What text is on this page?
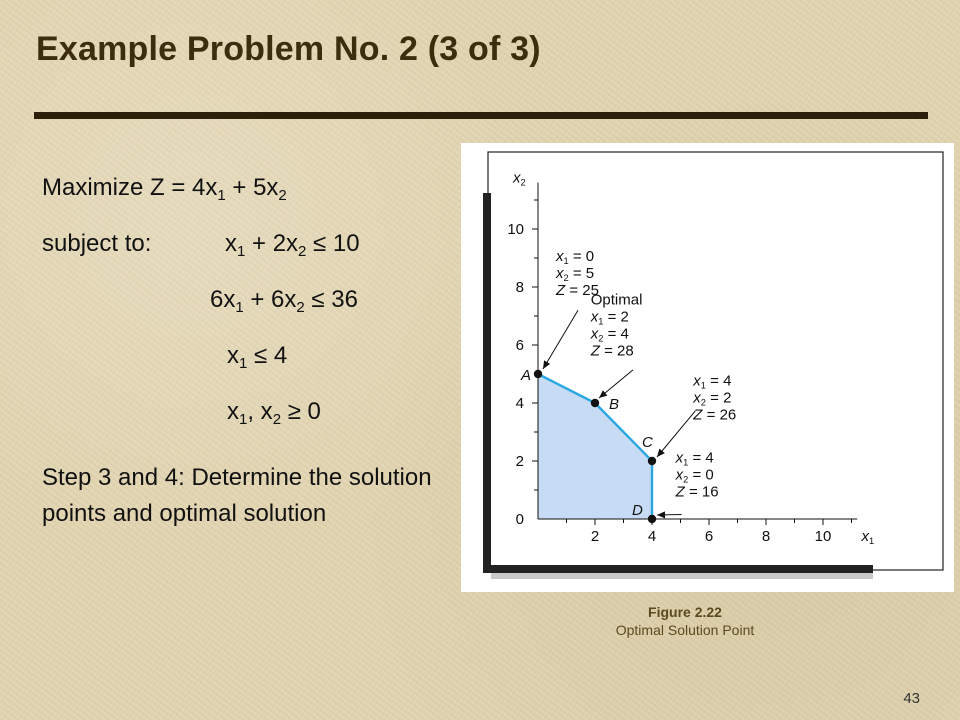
Example Problem No. 2 (3 of 3)
Maximize $Z = 4x_1 + 5x_2$
subject to:	$x_1 + 2x_2 \le 10$
$6x_1 + 6x_2 \le 36$
$x_1 \le 4$
$x_1$, $x_2 \ge 0$
Step 3 and 4: Determine the solution points and optimal solution
2	4	6	8	10
0
2
4
6
8
10
$x_1$
$x_2$
$x_1 = 0$
$x_2 = 5$
Z = 25
A
Optimal
$x_1 = 2$
$x_2 = 4$
Z = 28
B
$x_1 = 4$
$x_2 = 2$
Z = 26
C
$x_1 = 4$
$x_2 = 0$
Z = 16
D
Figure 2.22
Optimal Solution Point
43
